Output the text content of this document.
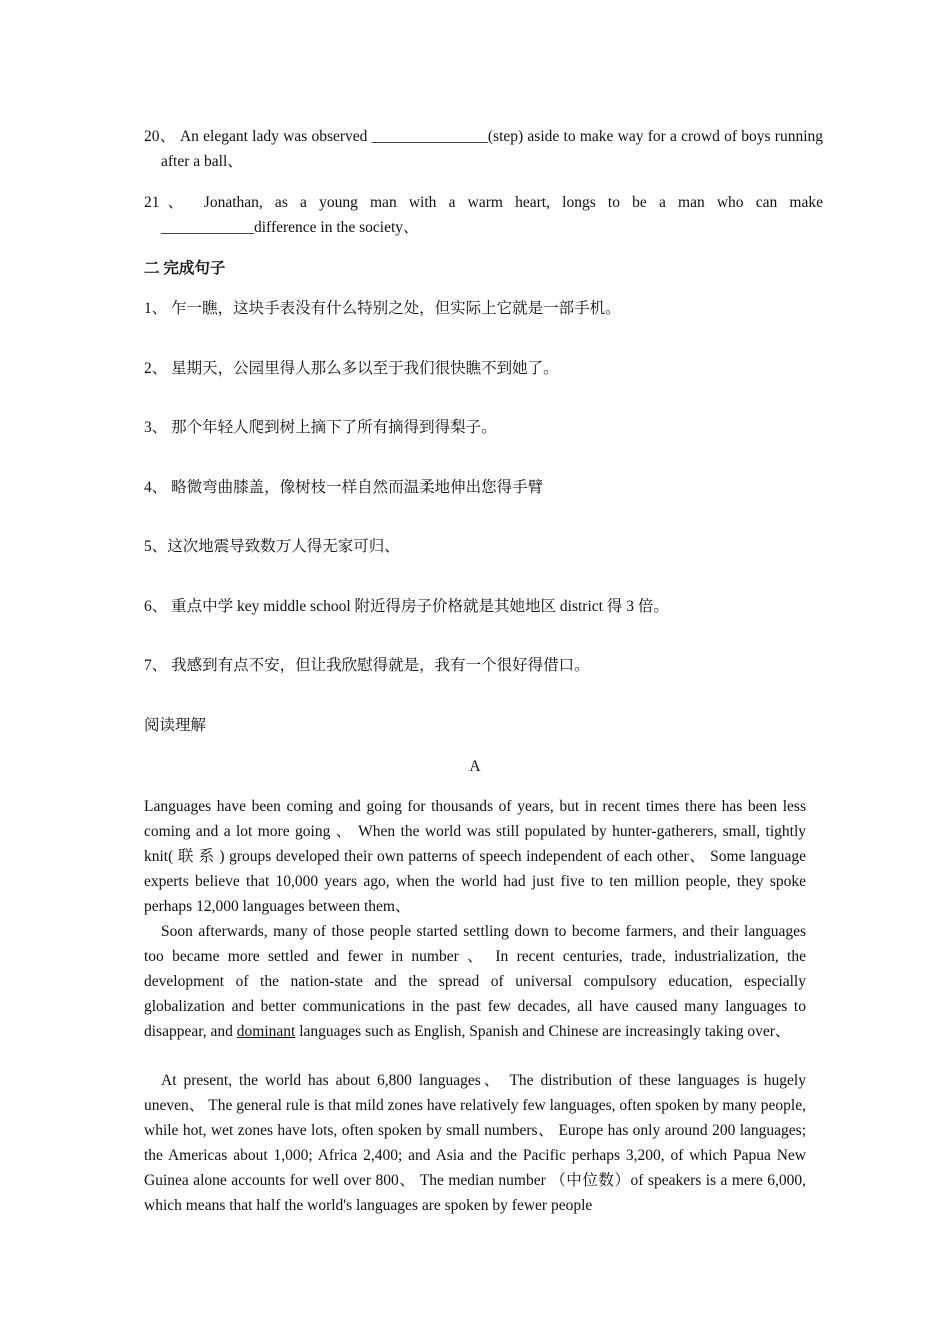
20、 An elegant lady was observed _______________(step) aside to make way for a crowd of boys running after a ball、
21、 Jonathan, as a young man with a warm heart, longs to be a man who can make ____________difference in the society、
二 完成句子
1、 乍一瞧，这块手表没有什么特别之处，但实际上它就是一部手机。
2、 星期天，公园里得人那么多以至于我们很快瞧不到她了。
3、 那个年轻人爬到树上摘下了所有摘得到得梨子。
4、 略微弯曲膝盖，像树枝一样自然而温柔地伸出您得手臂
5、这次地震导致数万人得无家可归、
6、 重点中学 key middle school 附近得房子价格就是其她地区 district 得 3 倍。
7、 我感到有点不安，但让我欣慰得就是，我有一个很好得借口。
阅读理解
A
Languages have been coming and going for thousands of years, but in recent times there has been less coming and a lot more going 、 When the world was still populated by hunter-gatherers, small, tightly knit( 联 系 ) groups developed their own patterns of speech independent of each other、 Some language experts believe that 10,000 years ago, when the world had just five to ten million people, they spoke perhaps 12,000 languages between them、
Soon afterwards, many of those people started settling down to become farmers, and their languages too became more settled and fewer in number 、 In recent centuries, trade, industrialization, the development of the nation-state and the spread of universal compulsory education, especially globalization and better communications in the past few decades, all have caused many languages to disappear, and dominant languages such as English, Spanish and Chinese are increasingly taking over、
At present, the world has about 6,800 languages、 The distribution of these languages is hugely uneven、 The general rule is that mild zones have relatively few languages, often spoken by many people, while hot, wet zones have lots, often spoken by small numbers、 Europe has only around 200 languages; the Americas about 1,000; Africa 2,400; and Asia and the Pacific perhaps 3,200, of which Papua New Guinea alone accounts for well over 800、 The median number （中位数）of speakers is a mere 6,000, which means that half the world's languages are spoken by fewer people
